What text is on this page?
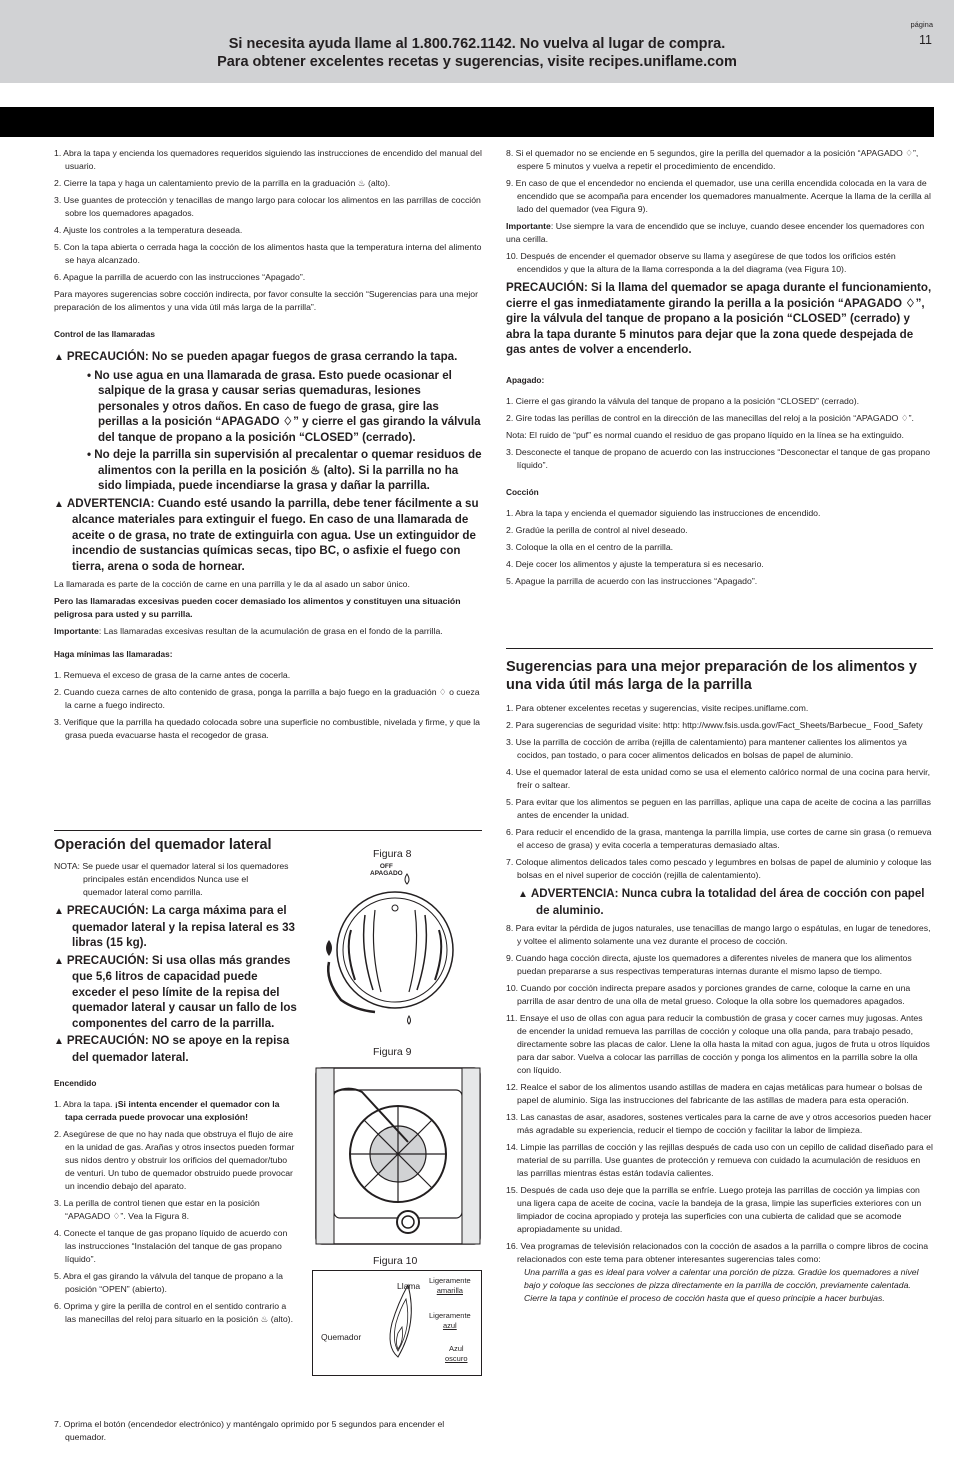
Si necesita ayuda llame al 1.800.762.1142. No vuelva al lugar de compra.
Para obtener excelentes recetas y sugerencias, visite recipes.uniflame.com
página
11

1. Abra la tapa y encienda los quemadores requeridos siguiendo las instrucciones de encendido del manual del usuario.

2. Cierre la tapa y haga un calentamiento previo de la parrilla en la graduación ♨ (alto).

3. Use guantes de protección y tenacillas de mango largo para colocar los alimentos en las parrillas de cocción sobre los quemadores apagados.

4. Ajuste los controles a la temperatura deseada.

5. Con la tapa abierta o cerrada haga la cocción de los alimentos hasta que la temperatura interna del alimento se haya alcanzado.

6. Apague la parrilla de acuerdo con las instrucciones “Apagado”.

Para mayores sugerencias sobre cocción indirecta, por favor consulte la sección “Sugerencias para una mejor preparación de los alimentos y una vida útil más larga de la parrilla”.

Control de las llamaradas
▲ PRECAUCIÓN: No se pueden apagar fuegos de grasa cerrando la tapa.
• No use agua en una llamarada de grasa. Esto puede ocasionar el salpique de la grasa y causar serias quemaduras, lesiones personales y otros daños. En caso de fuego de grasa, gire las perillas a la posición “APAGADO ♢” y cierre el gas girando la válvula del tanque de propano a la posición “CLOSED” (cerrado).
• No deje la parrilla sin supervisión al precalentar o quemar residuos de alimentos con la perilla en la posición ♨ (alto). Si la parrilla no ha sido limpiada, puede incendiarse la grasa y dañar la parrilla.
▲ ADVERTENCIA: Cuando esté usando la parrilla, debe tener fácilmente a su alcance materiales para extinguir el fuego. En caso de una llamarada de aceite o de grasa, no trate de extinguirla con agua. Use un extinguidor de incendio de sustancias químicas secas, tipo BC, o asfixie el fuego con tierra, arena o soda de hornear.

La llamarada es parte de la cocción de carne en una parrilla y le da al asado un sabor único.

Pero las llamaradas excesivas pueden cocer demasiado los alimentos y constituyen una situación peligrosa para usted y su parrilla.

Importante: Las llamaradas excesivas resultan de la acumulación de grasa en el fondo de la parrilla.

Haga mínimas las llamaradas:

1. Remueva el exceso de grasa de la carne antes de cocerla.

2. Cuando cueza carnes de alto contenido de grasa, ponga la parrilla a bajo fuego en la graduación ♢ o cueza la carne a fuego indirecto.

3. Verifique que la parrilla ha quedado colocada sobre una superficie no combustible, nivelada y firme, y que la grasa pueda evacuarse hasta el recogedor de grasa.

Operación del quemador lateral

NOTA: Se puede usar el quemador lateral si los quemadores principales están encendidos Nunca use el quemador lateral como parrilla.

▲ PRECAUCIÓN: La carga máxima para el quemador lateral y la repisa lateral es 33 libras (15 kg).
▲ PRECAUCIÓN: Si usa ollas más grandes que 5,6 litros de capacidad puede exceder el peso límite de la repisa del quemador lateral y causar un fallo de los componentes del carro de la parrilla.
▲ PRECAUCIÓN: NO se apoye en la repisa del quemador lateral.
Encendido

1. Abra la tapa. ¡Si intenta encender el quemador con la tapa cerrada puede provocar una explosión!

2. Asegúrese de que no hay nada que obstruya el flujo de aire en la unidad de gas. Arañas y otros insectos pueden formar sus nidos dentro y obstruir los orificios del quemador/tubo de venturi. Un tubo de quemador obstruido puede provocar un incendio debajo del aparato.

3. La perilla de control tienen que estar en la posición “APAGADO ♢”. Vea la Figura 8.

4. Conecte el tanque de gas propano líquido de acuerdo con las instrucciones “Instalación del tanque de gas propano líquido”.

5. Abra el gas girando la válvula del tanque de propano a la posición “OPEN” (abierto).

6. Oprima y gire la perilla de control en el sentido contrario a las manecillas del reloj para situarlo en la posición ♨ (alto).

7. Oprima el botón (encendedor electrónico) y manténgalo oprimido por 5 segundos para encender el quemador.

Figura 8
OFF
APAGADO
Figura 9
Figura 10
Llama
Quemador
Ligeramente
amarilla
Ligeramente
azul
Azul
oscuro

8. Si el quemador no se enciende en 5 segundos, gire la perilla del quemador a la posición “APAGADO ♢”, espere 5 minutos y vuelva a repetir el procedimiento de encendido.

9. En caso de que el encendedor no encienda el quemador, use una cerilla encendida colocada en la vara de encendido que se acompaña para encender los quemadores manualmente. Acerque la llama de la cerilla al lado del quemador (vea Figura 9).

Importante: Use siempre la vara de encendido que se incluye, cuando desee encender los quemadores con una cerilla.

10. Después de encender el quemador observe su llama y asegúrese de que todos los orificios estén encendidos y que la altura de la llama corresponda a la del diagrama (vea Figura 10).

PRECAUCIÓN: Si la llama del quemador se apaga durante el funcionamiento, cierre el gas inmediatamente girando la perilla a la posición “APAGADO ♢”, gire la válvula del tanque de propano a la posición “CLOSED” (cerrado) y abra la tapa durante 5 minutos para dejar que la zona quede despejada de gas antes de volver a encenderlo.
Apagado:

1. Cierre el gas girando la válvula del tanque de propano a la posición “CLOSED” (cerrado).

2. Gire todas las perillas de control en la dirección de las manecillas del reloj a la posición “APAGADO ♢”.

Nota: El ruido de “puf” es normal cuando el residuo de gas propano líquido en la línea se ha extinguido.

3. Desconecte el tanque de propano de acuerdo con las instrucciones “Desconectar el tanque de gas propano líquido”.

Cocción

1. Abra la tapa y encienda el quemador siguiendo las instrucciones de encendido.

2. Gradúe la perilla de control al nivel deseado.

3. Coloque la olla en el centro de la parrilla.

4. Deje cocer los alimentos y ajuste la temperatura si es necesario.

5. Apague la parrilla de acuerdo con las instrucciones “Apagado”.

Sugerencias para una mejor preparación de los alimentos y una vida útil más larga de la parrilla

1. Para obtener excelentes recetas y sugerencias, visite recipes.uniflame.com.

2. Para sugerencias de seguridad visite: http: http://www.fsis.usda.gov/Fact_Sheets/Barbecue_ Food_Safety

3. Use la parrilla de cocción de arriba (rejilla de calentamiento) para mantener calientes los alimentos ya cocidos, pan tostado, o para cocer alimentos delicados en bolsas de papel de aluminio.

4. Use el quemador lateral de esta unidad como se usa el elemento calórico normal de una cocina para hervir, freír o saltear.

5. Para evitar que los alimentos se peguen en las parrillas, aplique una capa de aceite de cocina a las parrillas antes de encender la unidad.

6. Para reducir el encendido de la grasa, mantenga la parrilla limpia, use cortes de carne sin grasa (o remueva el acceso de grasa) y evita cocerla a temperaturas demasiado altas.

7. Coloque alimentos delicados tales como pescado y legumbres en bolsas de papel de aluminio y coloque las bolsas en el nivel superior de cocción (rejilla de calentamiento).

▲ ADVERTENCIA: Nunca cubra la totalidad del área de cocción con papel de aluminio.

8. Para evitar la pérdida de jugos naturales, use tenacillas de mango largo o espátulas, en lugar de tenedores, y voltee el alimento solamente una vez durante el proceso de cocción.

9. Cuando haga cocción directa, ajuste los quemadores a diferentes niveles de manera que los alimentos puedan prepararse a sus respectivas temperaturas internas durante el mismo lapso de tiempo.

10. Cuando por cocción indirecta prepare asados y porciones grandes de carne, coloque la carne en una parrilla de asar dentro de una olla de metal grueso. Coloque la olla sobre los quemadores apagados.

11. Ensaye el uso de ollas con agua para reducir la combustión de grasa y cocer carnes muy jugosas. Antes de encender la unidad remueva las parrillas de cocción y coloque una olla panda, para trabajo pesado, directamente sobre las placas de calor. Llene la olla hasta la mitad con agua, jugos de fruta u otros líquidos para dar sabor. Vuelva a colocar las parrillas de cocción y ponga los alimentos en la parrilla sobre la olla con líquido.

12. Realce el sabor de los alimentos usando astillas de madera en cajas metálicas para humear o bolsas de papel de aluminio. Siga las instrucciones del fabricante de las astillas de madera para esta operación.

13. Las canastas de asar, asadores, sostenes verticales para la carne de ave y otros accesorios pueden hacer más agradable su experiencia, reducir el tiempo de cocción y facilitar la labor de limpieza.

14. Limpie las parrillas de cocción y las rejillas después de cada uso con un cepillo de calidad diseñado para el material de su parrilla. Use guantes de protección y remueva con cuidado la acumulación de residuos en las parrillas mientras éstas están todavía calientes.

15. Después de cada uso deje que la parrilla se enfríe. Luego proteja las parrillas de cocción ya limpias con una ligera capa de aceite de cocina, vacíe la bandeja de la grasa, limpie las superficies exteriores con un limpiador de cocina apropiado y proteja las superficies con una cubierta de calidad que se acomode apropiadamente su unidad.

16. Vea programas de televisión relacionados con la cocción de asados a la parrilla o compre libros de cocina relacionados con este tema para obtener interesantes sugerencias tales como:

Una parrilla a gas es ideal para volver a calentar una porción de pizza. Gradúe los quemadores a nivel bajo y coloque las secciones de pizza directamente en la parrilla de cocción, previamente calentada. Cierre la tapa y continúe el proceso de cocción hasta que el queso principie a hacer burbujas.
